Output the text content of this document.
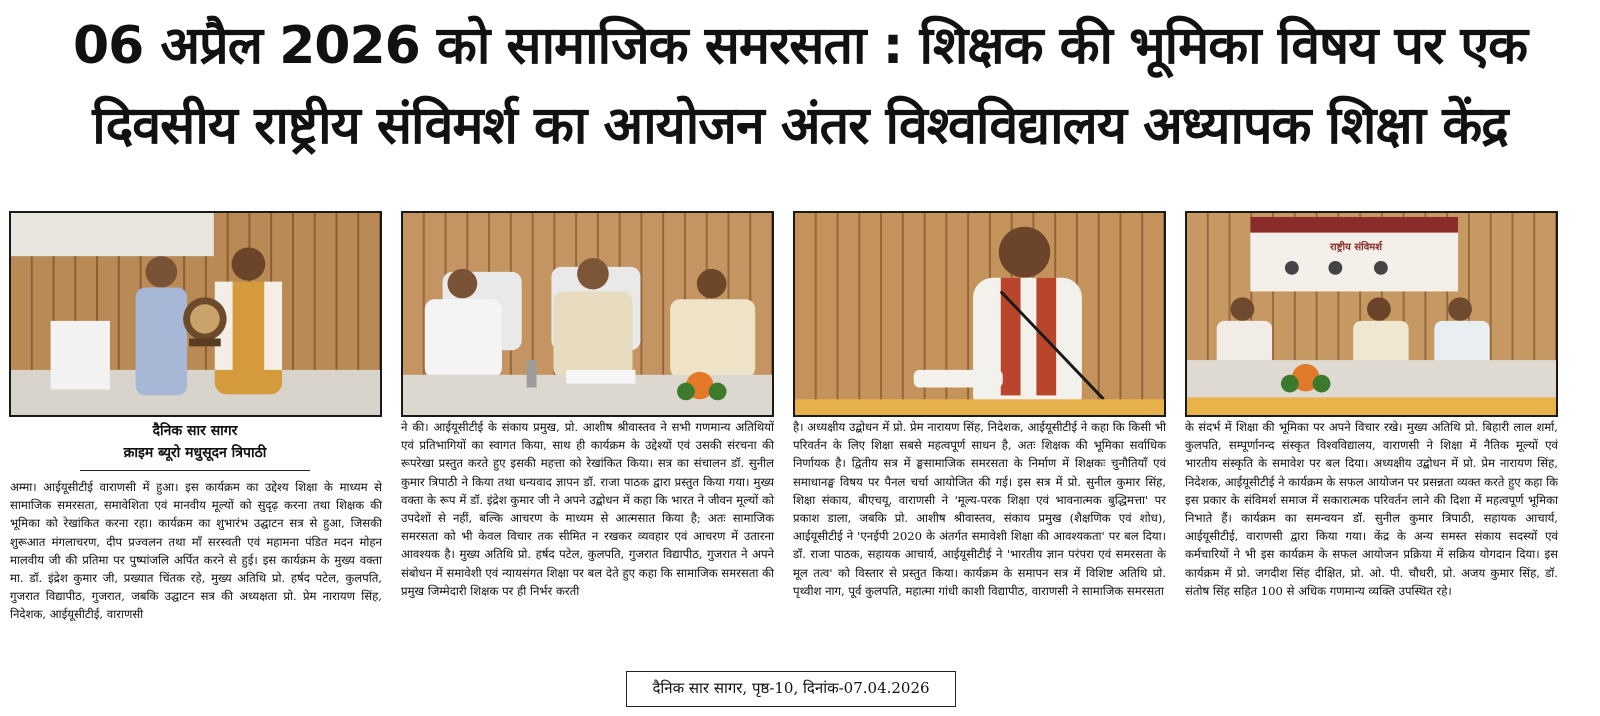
06 अप्रैल 2026 को सामाजिक समरसता : शिक्षक की भूमिका विषय पर एक
दिवसीय राष्ट्रीय संविमर्श का आयोजन अंतर विश्वविद्यालय अध्यापक शिक्षा केंद्र
राष्ट्रीय संविमर्श
दैनिक सार सागर
क्राइम ब्यूरो मधुसूदन त्रिपाठी

अम्मा। आईयूसीटीई वाराणसी में हुआ। इस कार्यक्रम का उद्देश्य शिक्षा के माध्यम से सामाजिक समरसता, समावेशिता एवं मानवीय मूल्यों को सुदृढ़ करना तथा शिक्षक की भूमिका को रेखांकित करना रहा। कार्यक्रम का शुभारंभ उद्घाटन सत्र से हुआ, जिसकी शुरूआत मंगलाचरण, दीप प्रज्वलन तथा माँ सरस्वती एवं महामना पंडित मदन मोहन मालवीय जी की प्रतिमा पर पुष्पांजलि अर्पित करने से हुई। इस कार्यक्रम के मुख्य वक्ता मा. डॉ. इंद्रेश कुमार जी, प्रख्यात चिंतक रहे, मुख्य अतिथि प्रो. हर्षद पटेल, कुलपति, गुजरात विद्यापीठ, गुजरात, जबकि उद्घाटन सत्र की अध्यक्षता प्रो. प्रेम नारायण सिंह, निदेशक, आईयूसीटीई, वाराणसी

ने की। आईयूसीटीई के संकाय प्रमुख, प्रो. आशीष श्रीवास्तव ने सभी गणमान्य अतिथियों एवं प्रतिभागियों का स्वागत किया, साथ ही कार्यक्रम के उद्देश्यों एवं उसकी संरचना की रूपरेखा प्रस्तुत करते हुए इसकी महत्ता को रेखांकित किया। सत्र का संचालन डॉ. सुनील कुमार त्रिपाठी ने किया तथा धन्यवाद ज्ञापन डॉ. राजा पाठक द्वारा प्रस्तुत किया गया। मुख्य वक्ता के रूप में डॉ. इंद्रेश कुमार जी ने अपने उद्बोधन में कहा कि भारत ने जीवन मूल्यों को उपदेशों से नहीं, बल्कि आचरण के माध्यम से आत्मसात किया है; अतः सामाजिक समरसता को भी केवल विचार तक सीमित न रखकर व्यवहार एवं आचरण में उतारना आवश्यक है। मुख्य अतिथि प्रो. हर्षद पटेल, कुलपति, गुजरात विद्यापीठ, गुजरात ने अपने संबोधन में समावेशी एवं न्यायसंगत शिक्षा पर बल देते हुए कहा कि सामाजिक समरसता की प्रमुख जिम्मेदारी शिक्षक पर ही निर्भर करती

है। अध्यक्षीय उद्बोधन में प्रो. प्रेम नारायण सिंह, निदेशक, आईयूसीटीई ने कहा कि किसी भी परिवर्तन के लिए शिक्षा सबसे महत्वपूर्ण साधन है, अतः शिक्षक की भूमिका सर्वाधिक निर्णायक है। द्वितीय सत्र में ङ्घसामाजिक समरसता के निर्माण में शिक्षकः चुनौतियाँ एवं समाधानङ्घ विषय पर पैनल चर्चा आयोजित की गई। इस सत्र में प्रो. सुनील कुमार सिंह, शिक्षा संकाय, बीएचयू, वाराणसी ने 'मूल्य-परक शिक्षा एवं भावनात्मक बुद्धिमत्ता' पर प्रकाश डाला, जबकि प्रो. आशीष श्रीवास्तव, संकाय प्रमुख (शैक्षणिक एवं शोध), आईयूसीटीई ने 'एनईपी 2020 के अंतर्गत समावेशी शिक्षा की आवश्यकता' पर बल दिया। डॉ. राजा पाठक, सहायक आचार्य, आईयूसीटीई ने 'भारतीय ज्ञान परंपरा एवं समरसता के मूल तत्व' को विस्तार से प्रस्तुत किया। कार्यक्रम के समापन सत्र में विशिष्ट अतिथि प्रो. पृथ्वीश नाग, पूर्व कुलपति, महात्मा गांधी काशी विद्यापीठ, वाराणसी ने सामाजिक समरसता

के संदर्भ में शिक्षा की भूमिका पर अपने विचार रखे। मुख्य अतिथि प्रो. बिहारी लाल शर्मा, कुलपति, सम्पूर्णानन्द संस्कृत विश्वविद्यालय, वाराणसी ने शिक्षा में नैतिक मूल्यों एवं भारतीय संस्कृति के समावेश पर बल दिया। अध्यक्षीय उद्बोधन में प्रो. प्रेम नारायण सिंह, निदेशक, आईयूसीटीई ने कार्यक्रम के सफल आयोजन पर प्रसन्नता व्यक्त करते हुए कहा कि इस प्रकार के संविमर्श समाज में सकारात्मक परिवर्तन लाने की दिशा में महत्वपूर्ण भूमिका निभाते हैं। कार्यक्रम का समन्वयन डॉ. सुनील कुमार त्रिपाठी, सहायक आचार्य, आईयूसीटीई, वाराणसी द्वारा किया गया। केंद्र के अन्य समस्त संकाय सदस्यों एवं कर्मचारियों ने भी इस कार्यक्रम के सफल आयोजन प्रक्रिया में सक्रिय योगदान दिया। इस कार्यक्रम में प्रो. जगदीश सिंह दीक्षित, प्रो. ओ. पी. चौधरी, प्रो. अजय कुमार सिंह, डॉ. संतोष सिंह सहित 100 से अधिक गणमान्य व्यक्ति उपस्थित रहे।

दैनिक सार सागर, पृष्ठ-10, दिनांक-07.04.2026
